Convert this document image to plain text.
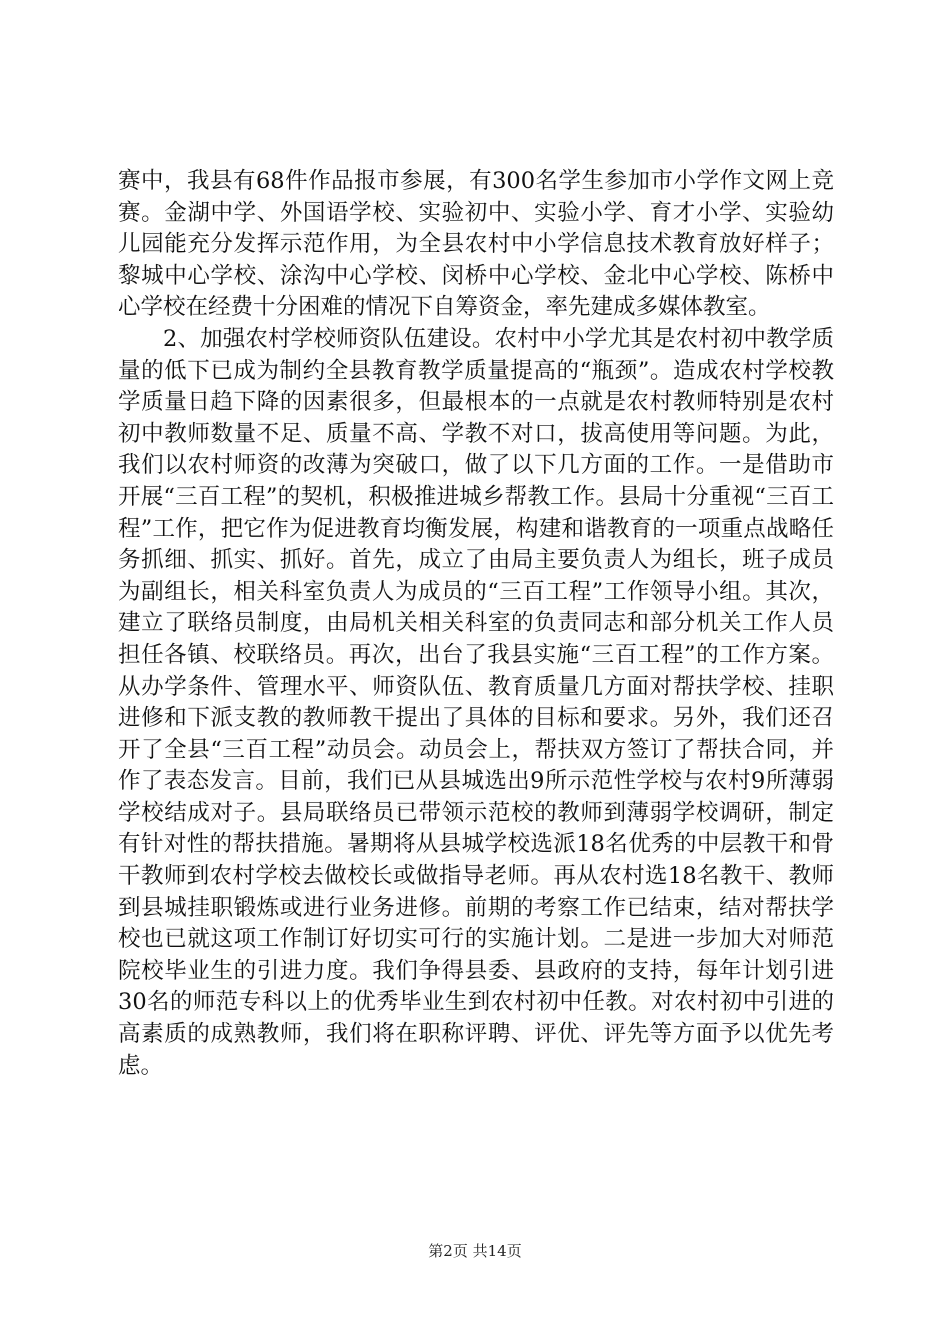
赛中，我县有68件作品报市参展，有300名学生参加市小学作文网上竞赛。金湖中学、外国语学校、实验初中、实验小学、育才小学、实验幼儿园能充分发挥示范作用，为全县农村中小学信息技术教育放好样子；黎城中心学校、涂沟中心学校、闵桥中心学校、金北中心学校、陈桥中心学校在经费十分困难的情况下自筹资金，率先建成多媒体教室。

2、加强农村学校师资队伍建设。农村中小学尤其是农村初中教学质量的低下已成为制约全县教育教学质量提高的“瓶颈”。造成农村学校教学质量日趋下降的因素很多，但最根本的一点就是农村教师特别是农村初中教师数量不足、质量不高、学教不对口，拔高使用等问题。为此，我们以农村师资的改薄为突破口，做了以下几方面的工作。一是借助市开展“三百工程”的契机，积极推进城乡帮教工作。县局十分重视“三百工程”工作，把它作为促进教育均衡发展，构建和谐教育的一项重点战略任务抓细、抓实、抓好。首先，成立了由局主要负责人为组长，班子成员为副组长，相关科室负责人为成员的“三百工程”工作领导小组。其次，建立了联络员制度，由局机关相关科室的负责同志和部分机关工作人员担任各镇、校联络员。再次，出台了我县实施“三百工程”的工作方案。从办学条件、管理水平、师资队伍、教育质量几方面对帮扶学校、挂职进修和下派支教的教师教干提出了具体的目标和要求。另外，我们还召开了全县“三百工程”动员会。动员会上，帮扶双方签订了帮扶合同，并作了表态发言。目前，我们已从县城选出9所示范性学校与农村9所薄弱学校结成对子。县局联络员已带领示范校的教师到薄弱学校调研，制定有针对性的帮扶措施。暑期将从县城学校选派18名优秀的中层教干和骨干教师到农村学校去做校长或做指导老师。再从农村选18名教干、教师到县城挂职锻炼或进行业务进修。前期的考察工作已结束，结对帮扶学校也已就这项工作制订好切实可行的实施计划。二是进一步加大对师范院校毕业生的引进力度。我们争得县委、县政府的支持，每年计划引进30名的师范专科以上的优秀毕业生到农村初中任教。对农村初中引进的高素质的成熟教师，我们将在职称评聘、评优、评先等方面予以优先考虑。

第2页 共14页
